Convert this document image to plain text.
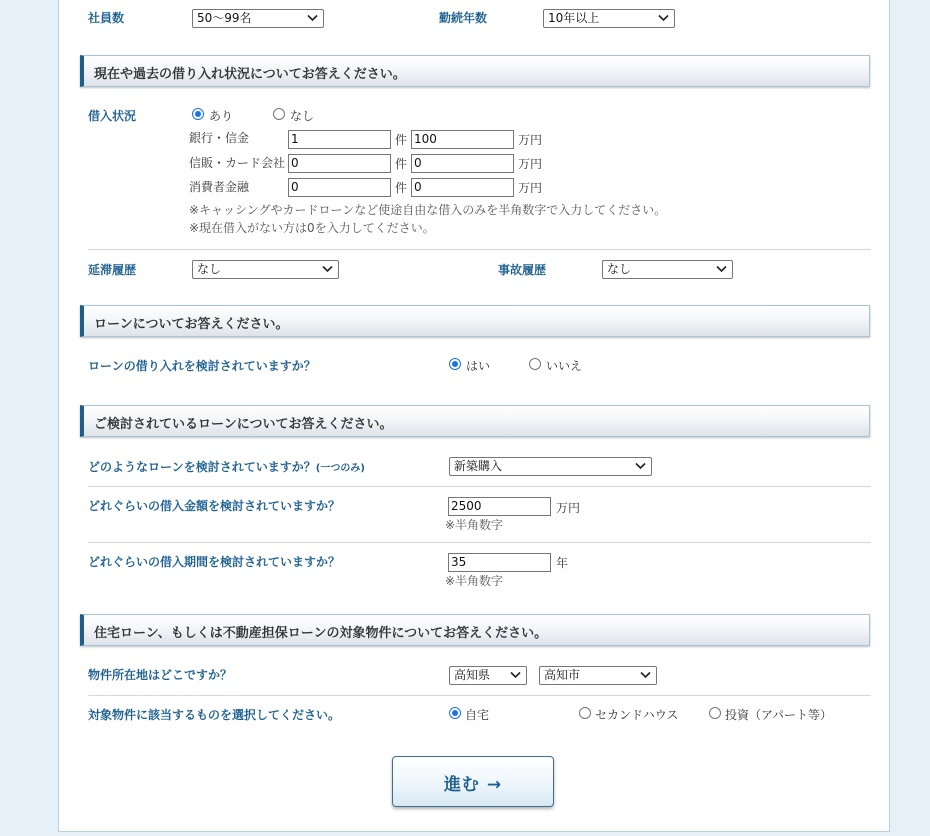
社員数	50～99名	勤続年数	10年以上
現在や過去の借り入れ状況についてお答えください。
借入状況	あり	なし
銀行・信金	1	件 100	万円
信販・カード会社 0	件 0	万円
消費者金融	0	件 0	万円
※キャッシングやカードローンなど使途自由な借入のみを半角数字で入力してください。
※現在借入がない方は0を入力してください。
延滞履歴	なし	事故履歴	なし
ローンについてお答えください。
ローンの借り入れを検討されていますか？	はい	いいえ
ご検討されているローンについてお答えください。
どのようなローンを検討されていますか？(一つのみ)	新築購入
どれぐらいの借入金額を検討されていますか？	2500	万円
※半角数字
どれぐらいの借入期間を検討されていますか？	35	年
※半角数字
住宅ローン、もしくは不動産担保ローンの対象物件についてお答えください。
物件所在地はどこですか？	高知県	高知市
対象物件に該当するものを選択してください。	自宅	セカンドハウス	投資（アパート等）
進む →
